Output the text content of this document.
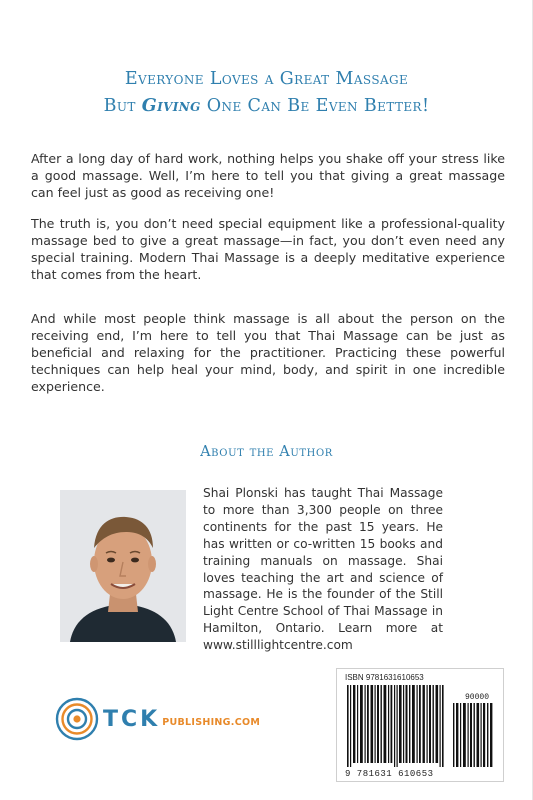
Everyone Loves a Great Massage
But Giving One Can Be Even Better!

After a long day of hard work, nothing helps you shake off your stress like a good massage. Well, I’m here to tell you that giving a great massage can feel just as good as receiving one!

The truth is, you don’t need special equipment like a professional-quality massage bed to give a great massage—in fact, you don’t even need any special training. Modern Thai Massage is a deeply meditative experience that comes from the heart.

And while most people think massage is all about the person on the receiving end, I’m here to tell you that Thai Massage can be just as beneficial and relaxing for the practitioner. Practicing these powerful techniques can help heal your mind, body, and spirit in one incredible experience.

About the Author

Shai Plonski has taught Thai Massage to more than 3,300 people on three continents for the past 15 years. He has written or co-written 15 books and training manuals on massage. Shai loves teaching the art and science of massage. He is the founder of the Still Light Centre School of Thai Massage in Hamilton, Ontario. Learn more at www.stilllightcentre.com

TCK PUBLISHING.COM
ISBN 9781631610653
90000
9 781631 610653
